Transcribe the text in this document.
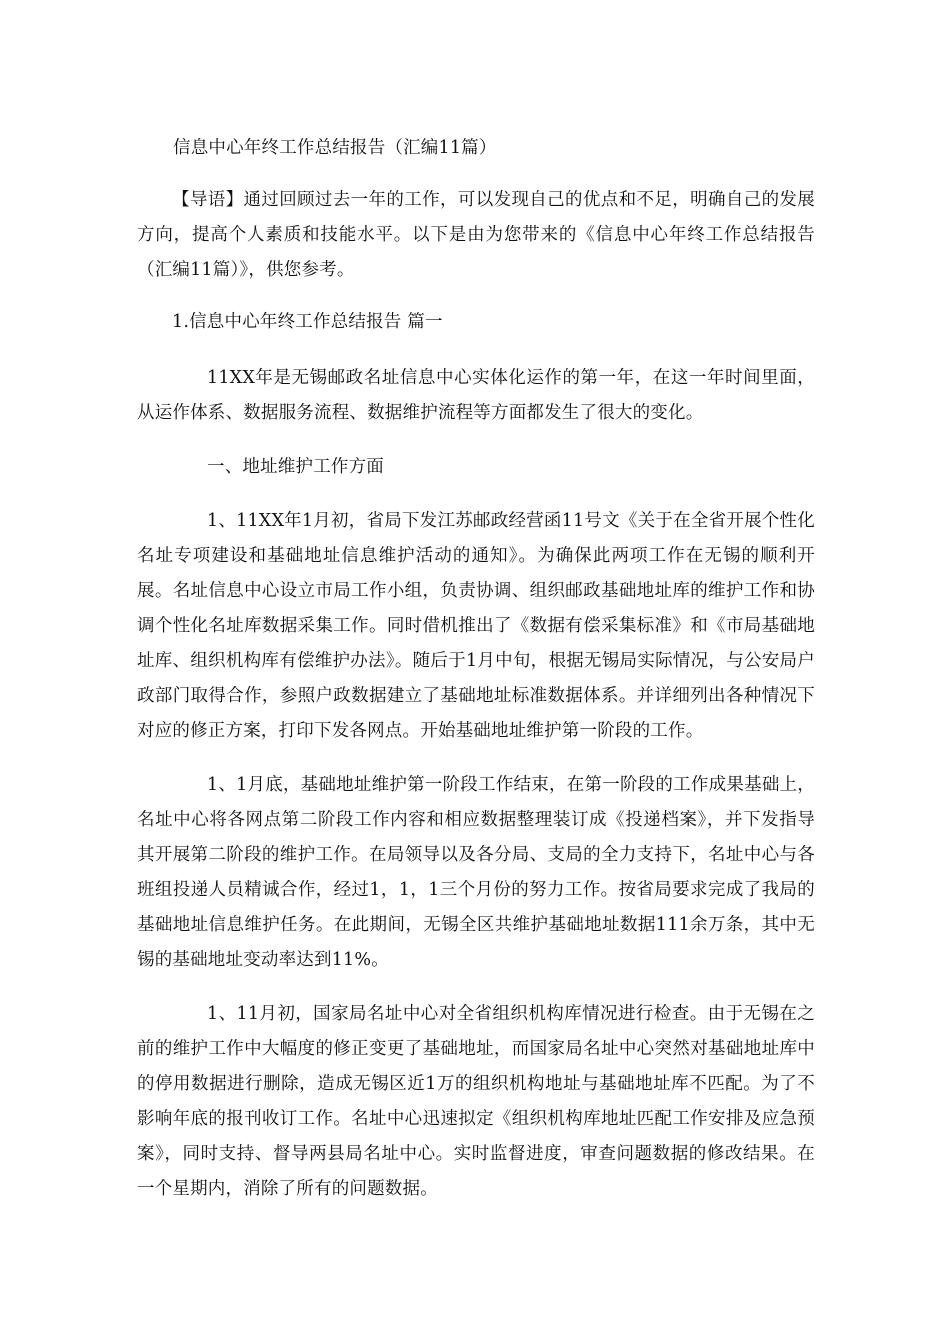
信息中心年终工作总结报告（汇编11篇）

【导语】通过回顾过去一年的工作，可以发现自己的优点和不足，明确自己的发展方向，提高个人素质和技能水平。以下是由为您带来的《信息中心年终工作总结报告（汇编11篇）》，供您参考。

1.信息中心年终工作总结报告 篇一

11XX年是无锡邮政名址信息中心实体化运作的第一年，在这一年时间里面，从运作体系、数据服务流程、数据维护流程等方面都发生了很大的变化。

一、地址维护工作方面

1、11XX年1月初，省局下发江苏邮政经营函11号文《关于在全省开展个性化名址专项建设和基础地址信息维护活动的通知》。为确保此两项工作在无锡的顺利开展。名址信息中心设立市局工作小组，负责协调、组织邮政基础地址库的维护工作和协调个性化名址库数据采集工作。同时借机推出了《数据有偿采集标准》和《市局基础地址库、组织机构库有偿维护办法》。随后于1月中旬，根据无锡局实际情况，与公安局户政部门取得合作，参照户政数据建立了基础地址标准数据体系。并详细列出各种情况下对应的修正方案，打印下发各网点。开始基础地址维护第一阶段的工作。

1、1月底，基础地址维护第一阶段工作结束，在第一阶段的工作成果基础上，名址中心将各网点第二阶段工作内容和相应数据整理装订成《投递档案》，并下发指导其开展第二阶段的维护工作。在局领导以及各分局、支局的全力支持下，名址中心与各班组投递人员精诚合作，经过1，1，1三个月份的努力工作。按省局要求完成了我局的基础地址信息维护任务。在此期间，无锡全区共维护基础地址数据111余万条，其中无锡的基础地址变动率达到11%。

1、11月初，国家局名址中心对全省组织机构库情况进行检查。由于无锡在之前的维护工作中大幅度的修正变更了基础地址，而国家局名址中心突然对基础地址库中的停用数据进行删除，造成无锡区近1万的组织机构地址与基础地址库不匹配。为了不影响年底的报刊收订工作。名址中心迅速拟定《组织机构库地址匹配工作安排及应急预案》，同时支持、督导两县局名址中心。实时监督进度，审查问题数据的修改结果。在一个星期内，消除了所有的问题数据。
